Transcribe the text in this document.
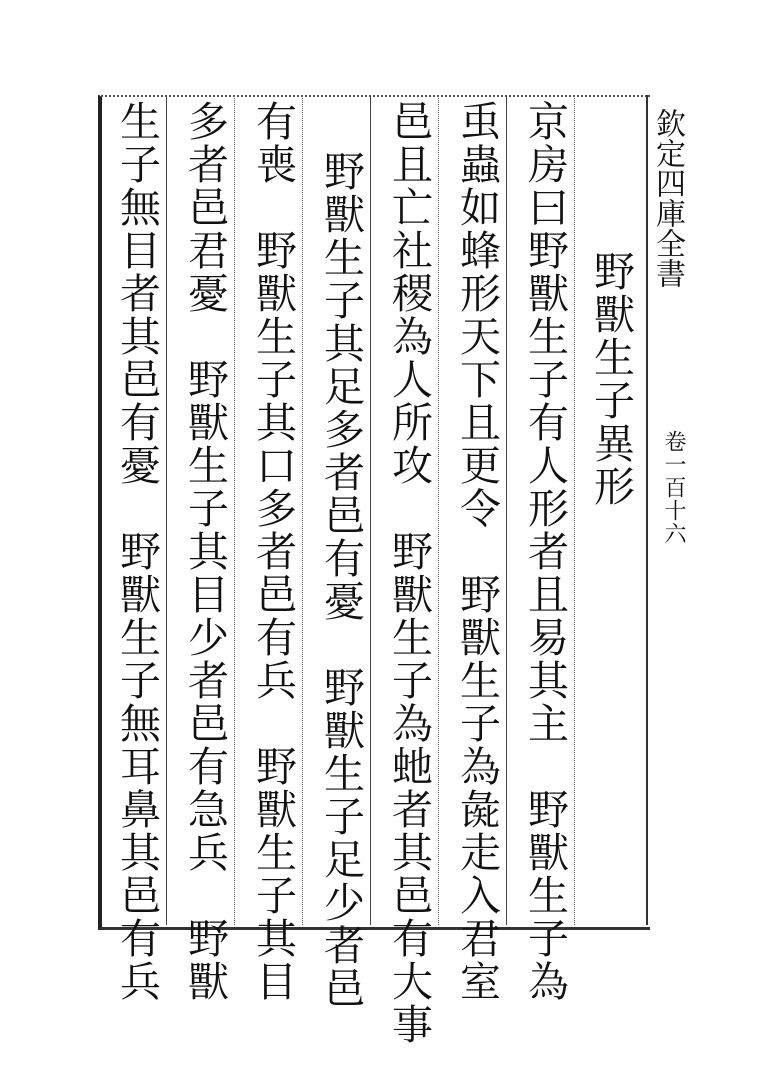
欽定四庫全書
卷一百十六
野獸生子異形
京房曰野獸生子有人形者且易其主　野獸生子為
䖝蟲如蜂形天下且更令　野獸生子為彘走入君室
邑且亡社稷為人所攻　野獸生子為虵者其邑有大事
野獸生子其足多者邑有憂　野獸生子足少者邑
有喪　野獸生子其口多者邑有兵　野獸生子其目
多者邑君憂　野獸生子其目少者邑有急兵　野獸
生子無目者其邑有憂　野獸生子無耳鼻其邑有兵
